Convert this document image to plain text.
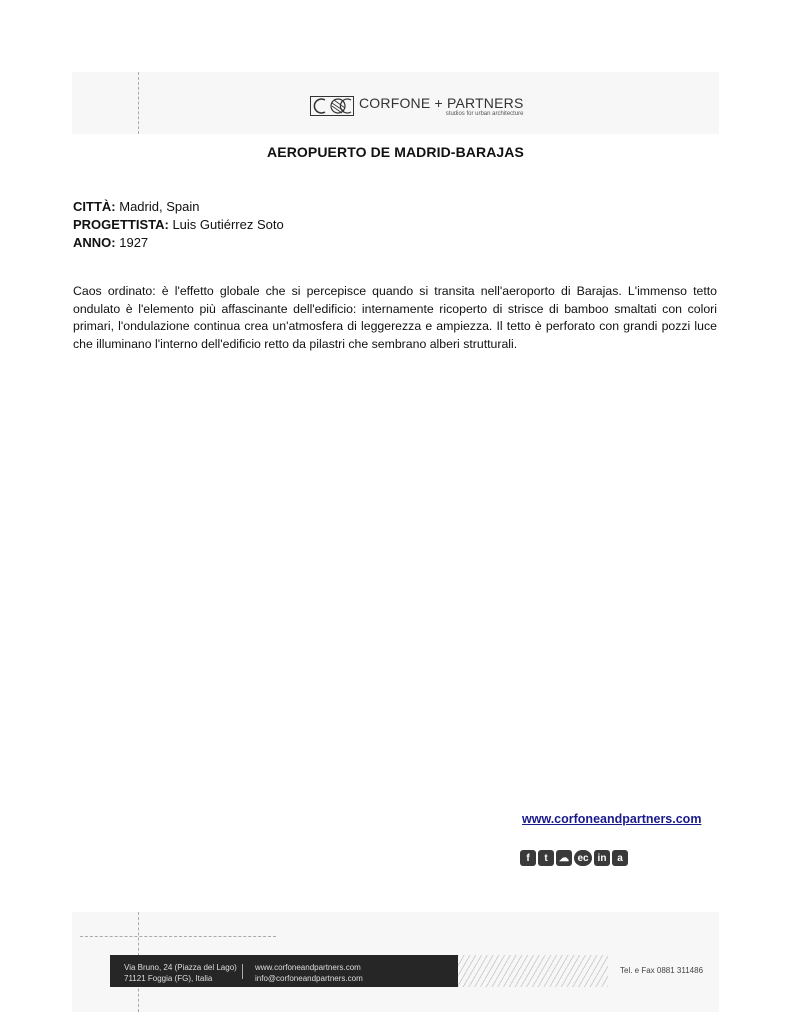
CORFONE + PARTNERS
studios for urban architecture
AEROPUERTO DE MADRID-BARAJAS
CITTÀ: Madrid, Spain
PROGETTISTA: Luis Gutiérrez Soto
ANNO: 1927
Caos ordinato: è l'effetto globale che si percepisce quando si transita nell'aeroporto di Barajas. L'immenso tetto ondulato è l'elemento più affascinante dell'edificio: internamente ricoperto di strisce di bamboo smaltati con colori primari, l'ondulazione continua crea un'atmosfera di leggerezza e ampiezza. Il tetto è perforato con grandi pozzi luce che illuminano l'interno dell'edificio retto da pilastri che sembrano alberi strutturali.
www.corfoneandpartners.com
f	t	☁ ec in	a
Via Bruno, 24 (Piazza del Lago)
71121 Foggia (FG), Italia
www.corfoneandpartners.com
info@corfoneandpartners.com
Tel. e Fax 0881 311486
